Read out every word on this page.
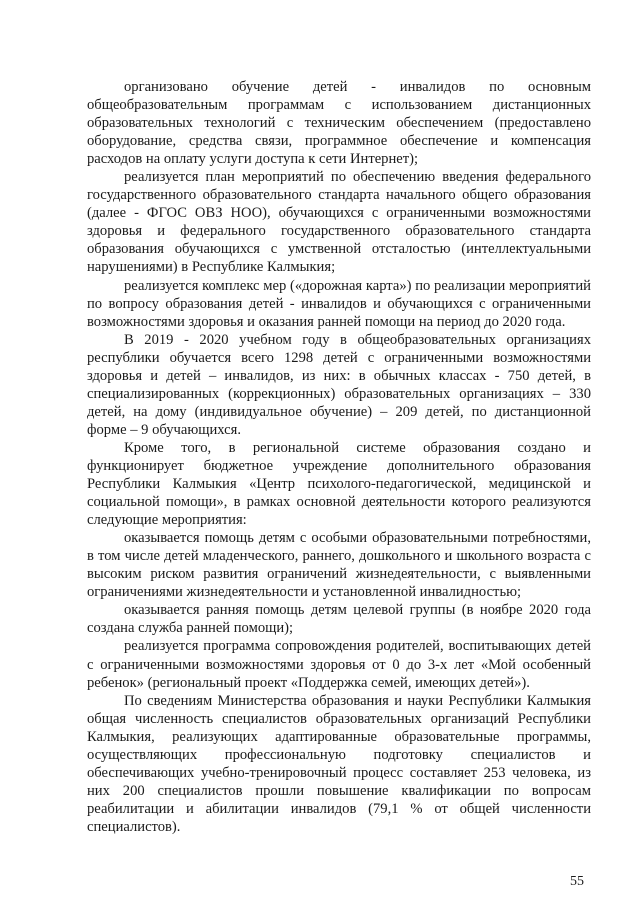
организовано обучение детей - инвалидов по основным общеобразовательным программам с использованием дистанционных образовательных технологий с техническим обеспечением (предоставлено оборудование, средства связи, программное обеспечение и компенсация расходов на оплату услуги доступа к сети Интернет);

реализуется план мероприятий по обеспечению введения федерального государственного образовательного стандарта начального общего образования (далее - ФГОС ОВЗ НОО), обучающихся с ограниченными возможностями здоровья и федерального государственного образовательного стандарта образования обучающихся с умственной отсталостью (интеллектуальными нарушениями) в Республике Калмыкия;

реализуется комплекс мер («дорожная карта») по реализации мероприятий по вопросу образования детей - инвалидов и обучающихся с ограниченными возможностями здоровья и оказания ранней помощи на период до 2020 года.

В 2019 - 2020 учебном году в общеобразовательных организациях республики обучается всего 1298 детей с ограниченными возможностями здоровья и детей – инвалидов, из них: в обычных классах - 750 детей, в специализированных (коррекционных) образовательных организациях – 330 детей, на дому (индивидуальное обучение) – 209 детей, по дистанционной форме – 9 обучающихся.

Кроме того, в региональной системе образования создано и функционирует бюджетное учреждение дополнительного образования Республики Калмыкия «Центр психолого-педагогической, медицинской и социальной помощи», в рамках основной деятельности которого реализуются следующие мероприятия:

оказывается помощь детям с особыми образовательными потребностями, в том числе детей младенческого, раннего, дошкольного и школьного возраста с высоким риском развития ограничений жизнедеятельности, с выявленными ограничениями жизнедеятельности и установленной инвалидностью;

оказывается ранняя помощь детям целевой группы (в ноябре 2020 года создана служба ранней помощи);

реализуется программа сопровождения родителей, воспитывающих детей с ограниченными возможностями здоровья от 0 до 3-х лет «Мой особенный ребенок» (региональный проект «Поддержка семей, имеющих детей»).

По сведениям Министерства образования и науки Республики Калмыкия общая численность специалистов образовательных организаций Республики Калмыкия, реализующих адаптированные образовательные программы, осуществляющих профессиональную подготовку специалистов и обеспечивающих учебно-тренировочный процесс составляет 253 человека, из них 200 специалистов прошли повышение квалификации по вопросам реабилитации и абилитации инвалидов (79,1 % от общей численности специалистов).

55
